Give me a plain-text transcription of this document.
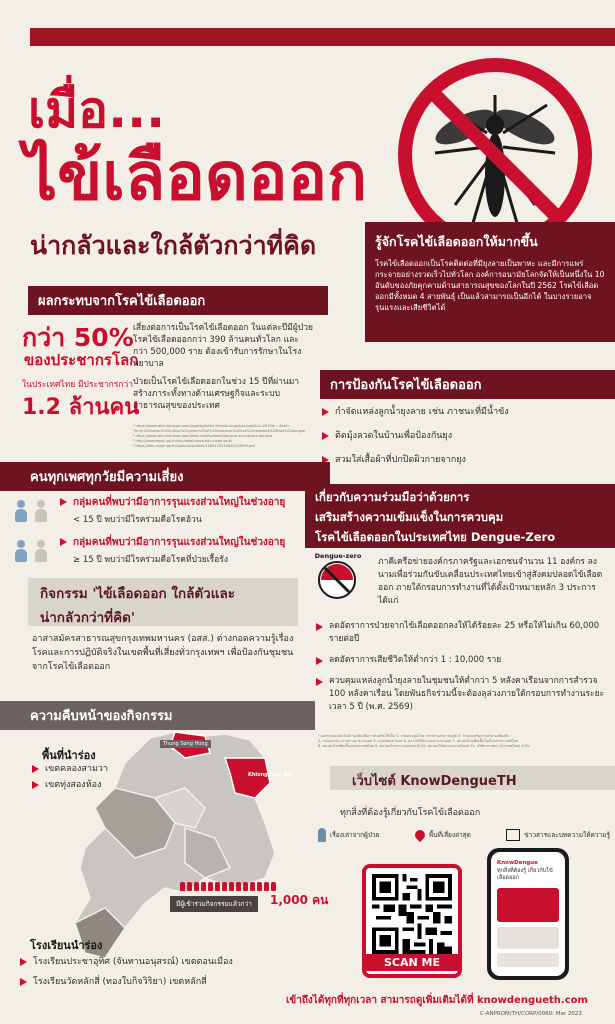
เมื่อ...
ไข้เลือดออก
น่ากลัวและใกล้ตัวกว่าที่คิด	รู้จักโรคไข้เลือดออกให้มากขึ้น
โรคไข้เลือดออกเป็นโรคติดต่อที่มียุงลายเป็นพาหะ และมีการแพร่กระจายอย่างรวดเร็วไปทั่วโลก องค์การอนามัยโลกจัดให้เป็นหนึ่งใน 10 อันดับของภัยคุกคามด้านสาธารณสุขของโลกในปี 2562 โรคไข้เลือดออกมีทั้งหมด 4 สายพันธุ์ เป็นแล้วสามารถเป็นอีกได้ ในบางรายอาจรุนแรงและเสียชีวิตได้
ผลกระทบจากโรคไข้เลือดออก
กว่า 50%
ของประชากรโลก
เสี่ยงต่อการเป็นโรคไข้เลือดออก ในแต่ละปีมีผู้ป่วยโรคไข้เลือดออกกว่า 390 ล้านคนทั่วโลก และกว่า 500,000 ราย ต้องเข้ารับการรักษาในโรงพยาบาล
ในประเทศไทย มีประชากรกว่า
1.2 ล้านคน
ป่วยเป็นโรคไข้เลือดออกในช่วง 15 ปีที่ผ่านมา สร้างภาระทั้งทางด้านเศรษฐกิจและระบบสาธารณสุขของประเทศ
¹ https://www.who.int/news-room/spotlight/ten-threats-to-global-health-in-2019#:~:text=
Thirty%20seven%20million%20years%20of%20research%20has%20revealed%20that%20dengue
² https://www.who.int/news-room/fact-sheets/detail/dengue-and-severe-dengue
³ http://www.moph.go.th/doc/detail/www.ddc.moph.go.th
⁴ https://ddc.moph.go.th/uploads/publish/1068120230822054959.pdf
การป้องกันโรคไข้เลือดออก
กำจัดแหล่งลูกน้ำยุงลาย เช่น ภาชนะที่มีน้ำขัง
ติดมุ้งลวดในบ้านเพื่อป้องกันยุง
สวมใส่เสื้อผ้าที่ปกปิดผิวกายจากยุง
คนทุกเพศทุกวัยมีความเสี่ยง
กลุ่มคนที่พบว่ามีอาการรุนแรงส่วนใหญ่ในช่วงอายุ
< 15 ปี พบว่ามีโรคร่วมคือโรคอ้วน
กลุ่มคนที่พบว่ามีอาการรุนแรงส่วนใหญ่ในช่วงอายุ
≥ 15 ปี พบว่ามีโรคร่วมคือโรคที่ป่วยเรื้อรัง
กิจกรรม 'ไข้เลือดออก ใกล้ตัวและ
น่ากลัวกว่าที่คิด'
อาสาสมัครสาธารณสุขกรุงเทพมหานคร (อสส.) ต่างกอดความรู้เรื่องโรคและการปฏิบัติจริงในเขตพื้นที่เสี่ยงทั่วกรุงเทพฯ เพื่อป้องกันชุมชนจากโรคไข้เลือดออก
เกี่ยวกับความร่วมมือว่าด้วยการ
เสริมสร้างความเข้มแข็งในการควบคุม
โรคไข้เลือดออกในประเทศไทย Dengue-Zero
Dengue-zero
ภาคีเครือข่ายองค์กรภาครัฐและเอกชนจำนวน 11 องค์กร ลงนามเพื่อร่วมกันขับเคลื่อนประเทศไทยเข้าสู่สังคมปลอดไข้เลือดออก ภายใต้กรอบการทำงานที่ได้ตั้งเป้าหมายหลัก 3 ประการ ได้แก่
ลดอัตราการป่วยจากไข้เลือดออกลงให้ได้ร้อยละ 25 หรือให้ไม่เกิน 60,000 รายต่อปี
ลดอัตราการเสียชีวิตให้ต่ำกว่า 1 : 10,000 ราย
ควบคุมแหล่งลูกน้ำยุงลายในชุมชนให้ต่ำกว่า 5 หลังคาเรือนจากการสำรวจ 100 หลังคาเรือน โดยพันธกิจร่วมนี้จะต้องลุล่วงภายใต้กรอบการทำงานระยะเวลา 5 ปี (พ.ศ. 2569)
¹ ลงสรมขอบจังหวัดนำร่องต้นเพื่อการส่งเสริมให้เป็น 2. กรมควบคุมโรค กระทรวงสาธารณสุข 3. กรมส่งเสริมการปกครองท้องถิ่น
4. กรมอนามัย กระทรวงสาธารณสุข 5. กรุงเทพมหานคร 6. สถาบันวิจัยระบบสาธารณสุข 7. สมาคมโรคติดเชื้อในเด็กแห่งประเทศไทย
8. สมาคมโรคติดเชื้อแห่งประเทศไทย 9. สมาคมโรคระบาดแห่งชาติ 10. สมาคมวิจัยยาและเวชภัณฑ์ 11. บริษัท ทาเคดา (ประเทศไทย) จำกัด
ความคืบหน้าของกิจกรรม
Thung Song Hong
Khlong Sam Wa
พื้นที่นำร่อง
เขตคลองสามวา
เขตทุ่งสองห้อง
มีผู้เข้าร่วมกิจกรรมแล้วกว่า	1,000 คน
โรงเรียนนำร่อง
โรงเรียนประชาอุทิศ (จันทานอนุสรณ์) เขตดอนเมือง
โรงเรียนวัดหลักสี่ (ทองใบกิจวิริยา) เขตหลักสี่
เว็บไซต์ KnowDengueTH
ทุกสิ่งที่ต้องรู้เกี่ยวกับโรคไข้เลือดออก
เรื่องเล่าจากผู้ป่วย	พื้นที่เสี่ยงล่าสุด	ข่าวสารและบทความให้ความรู้
SCAN ME
KnowDengue
ทุกสิ่งที่ต้องรู้ เกี่ยวกับไข้เลือดออก
เข้าถึงได้ทุกที่ทุกเวลา สามารถดูเพิ่มเติมได้ที่ knowdengueth.com
C-ANPROM/TH/CORP/0060: Mar 2023
